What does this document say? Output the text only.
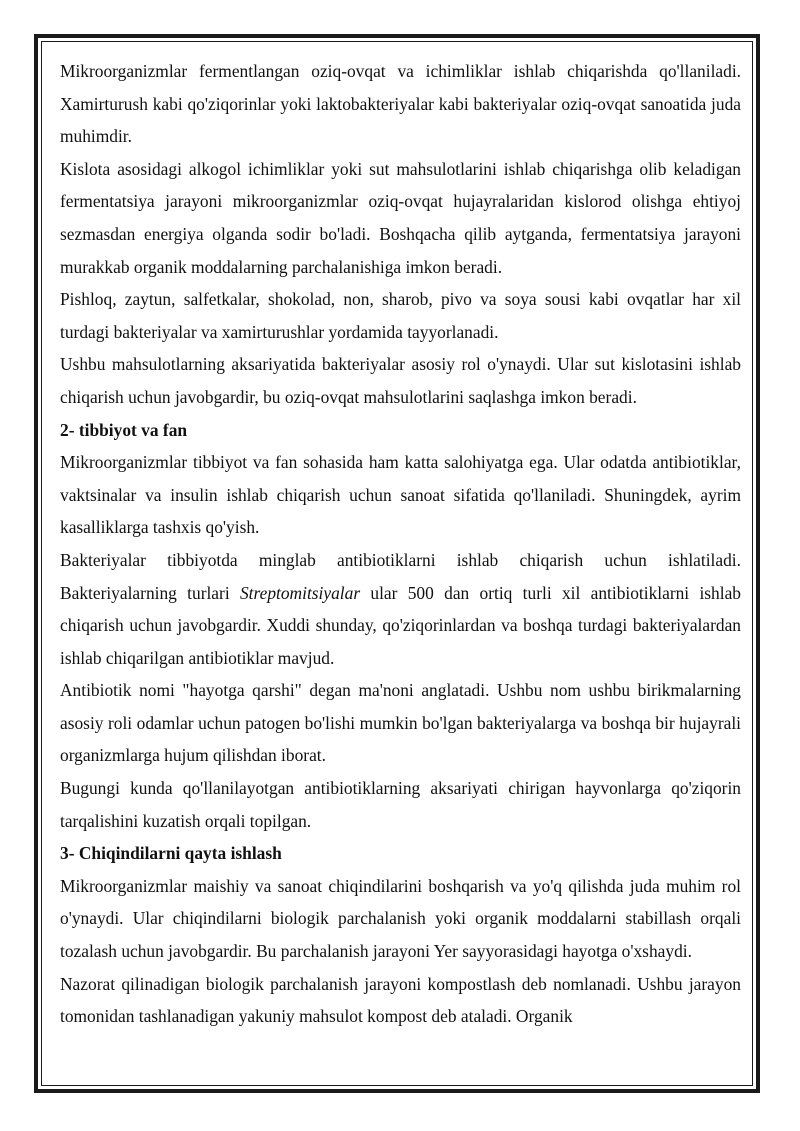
Mikroorganizmlar fermentlangan oziq-ovqat va ichimliklar ishlab chiqarishda qo'llaniladi. Xamirturush kabi qo'ziqorinlar yoki laktobakteriyalar kabi bakteriyalar oziq-ovqat sanoatida juda muhimdir.

Kislota asosidagi alkogol ichimliklar yoki sut mahsulotlarini ishlab chiqarishga olib keladigan fermentatsiya jarayoni mikroorganizmlar oziq-ovqat hujayralaridan kislorod olishga ehtiyoj sezmasdan energiya olganda sodir bo'ladi. Boshqacha qilib aytganda, fermentatsiya jarayoni murakkab organik moddalarning parchalanishiga imkon beradi.

Pishloq, zaytun, salfetkalar, shokolad, non, sharob, pivo va soya sousi kabi ovqatlar har xil turdagi bakteriyalar va xamirturushlar yordamida tayyorlanadi.

Ushbu mahsulotlarning aksariyatida bakteriyalar asosiy rol o'ynaydi. Ular sut kislotasini ishlab chiqarish uchun javobgardir, bu oziq-ovqat mahsulotlarini saqlashga imkon beradi.

2- tibbiyot va fan

Mikroorganizmlar tibbiyot va fan sohasida ham katta salohiyatga ega. Ular odatda antibiotiklar, vaktsinalar va insulin ishlab chiqarish uchun sanoat sifatida qo'llaniladi. Shuningdek, ayrim kasalliklarga tashxis qo'yish.

Bakteriyalar tibbiyotda minglab antibiotiklarni ishlab chiqarish uchun ishlatiladi. Bakteriyalarning turlari Streptomitsiyalar ular 500 dan ortiq turli xil antibiotiklarni ishlab chiqarish uchun javobgardir. Xuddi shunday, qo'ziqorinlardan va boshqa turdagi bakteriyalardan ishlab chiqarilgan antibiotiklar mavjud.

Antibiotik nomi "hayotga qarshi" degan ma'noni anglatadi. Ushbu nom ushbu birikmalarning asosiy roli odamlar uchun patogen bo'lishi mumkin bo'lgan bakteriyalarga va boshqa bir hujayrali organizmlarga hujum qilishdan iborat.

Bugungi kunda qo'llanilayotgan antibiotiklarning aksariyati chirigan hayvonlarga qo'ziqorin tarqalishini kuzatish orqali topilgan.

3- Chiqindilarni qayta ishlash

Mikroorganizmlar maishiy va sanoat chiqindilarini boshqarish va yo'q qilishda juda muhim rol o'ynaydi. Ular chiqindilarni biologik parchalanish yoki organik moddalarni stabillash orqali tozalash uchun javobgardir. Bu parchalanish jarayoni Yer sayyorasidagi hayotga o'xshaydi.

Nazorat qilinadigan biologik parchalanish jarayoni kompostlash deb nomlanadi. Ushbu jarayon tomonidan tashlanadigan yakuniy mahsulot kompost deb ataladi. Organik
